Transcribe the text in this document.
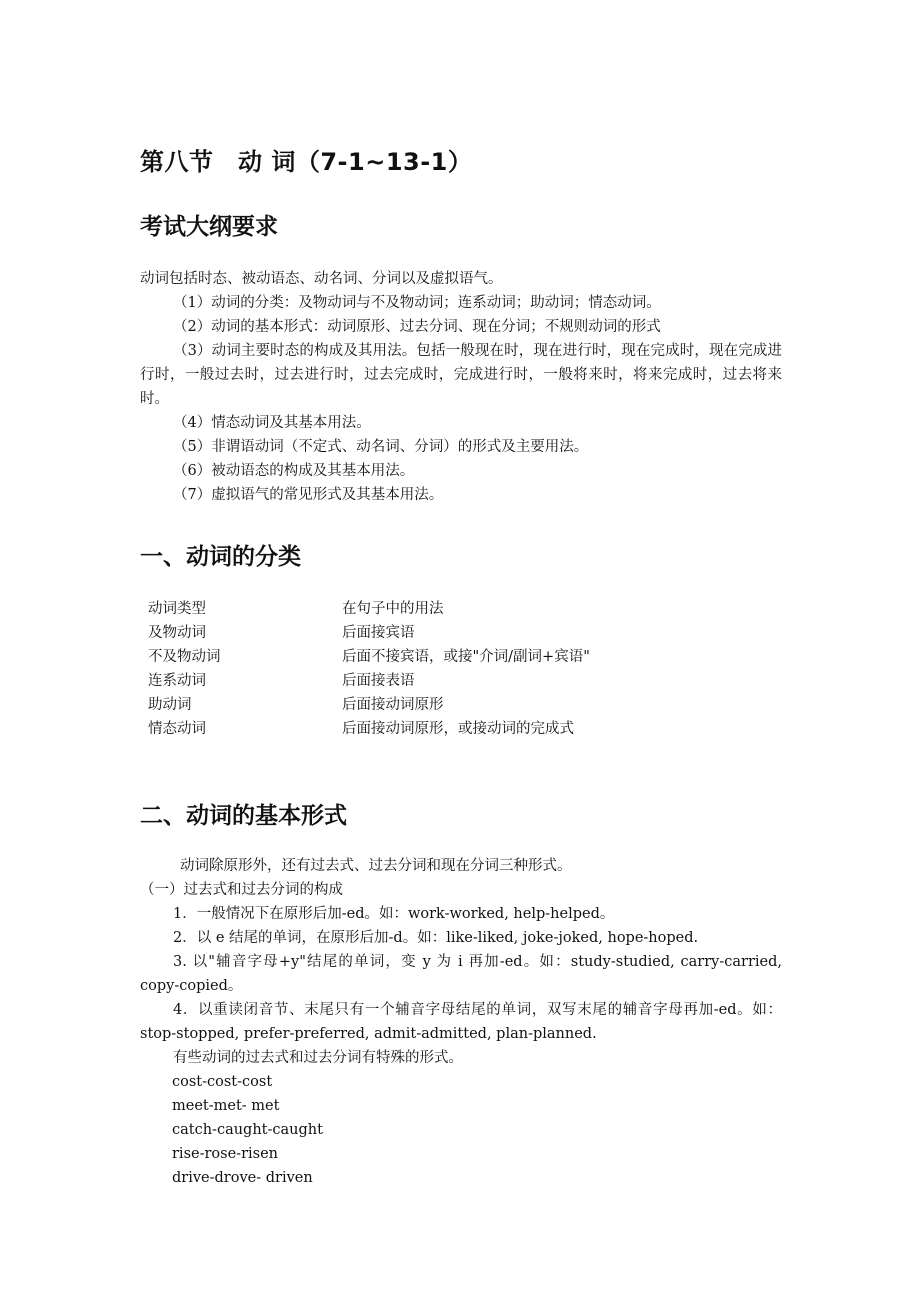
第八节　动 词（7-1~13-1）
考试大纲要求
动词包括时态、被动语态、动名词、分词以及虚拟语气。
（1）动词的分类：及物动词与不及物动词；连系动词；助动词；情态动词。
（2）动词的基本形式：动词原形、过去分词、现在分词；不规则动词的形式
（3）动词主要时态的构成及其用法。包括一般现在时，现在进行时，现在完成时，现在完成进行时，一般过去时，过去进行时，过去完成时，完成进行时，一般将来时，将来完成时，过去将来时。
（4）情态动词及其基本用法。
（5）非谓语动词（不定式、动名词、分词）的形式及主要用法。
（6）被动语态的构成及其基本用法。
（7）虚拟语气的常见形式及其基本用法。
一、动词的分类
动词类型	在句子中的用法
及物动词	后面接宾语
不及物动词	后面不接宾语，或接"介词/副词+宾语"
连系动词	后面接表语
助动词	后面接动词原形
情态动词	后面接动词原形，或接动词的完成式
二、动词的基本形式
动词除原形外，还有过去式、过去分词和现在分词三种形式。
（一）过去式和过去分词的构成
1．一般情况下在原形后加-ed。如：work-worked, help-helped。
2．以 e 结尾的单词，在原形后加-d。如：like-liked, joke-joked, hope-hoped.
3. 以"辅音字母+y"结尾的单词，变 y 为 i 再加-ed。如：study-studied, carry-carried, copy-copied。
4．以重读闭音节、末尾只有一个辅音字母结尾的单词，双写末尾的辅音字母再加-ed。如：stop-stopped, prefer-preferred, admit-admitted, plan-planned.
有些动词的过去式和过去分词有特殊的形式。
cost-cost-cost
meet-met- met
catch-caught-caught
rise-rose-risen
drive-drove- driven
